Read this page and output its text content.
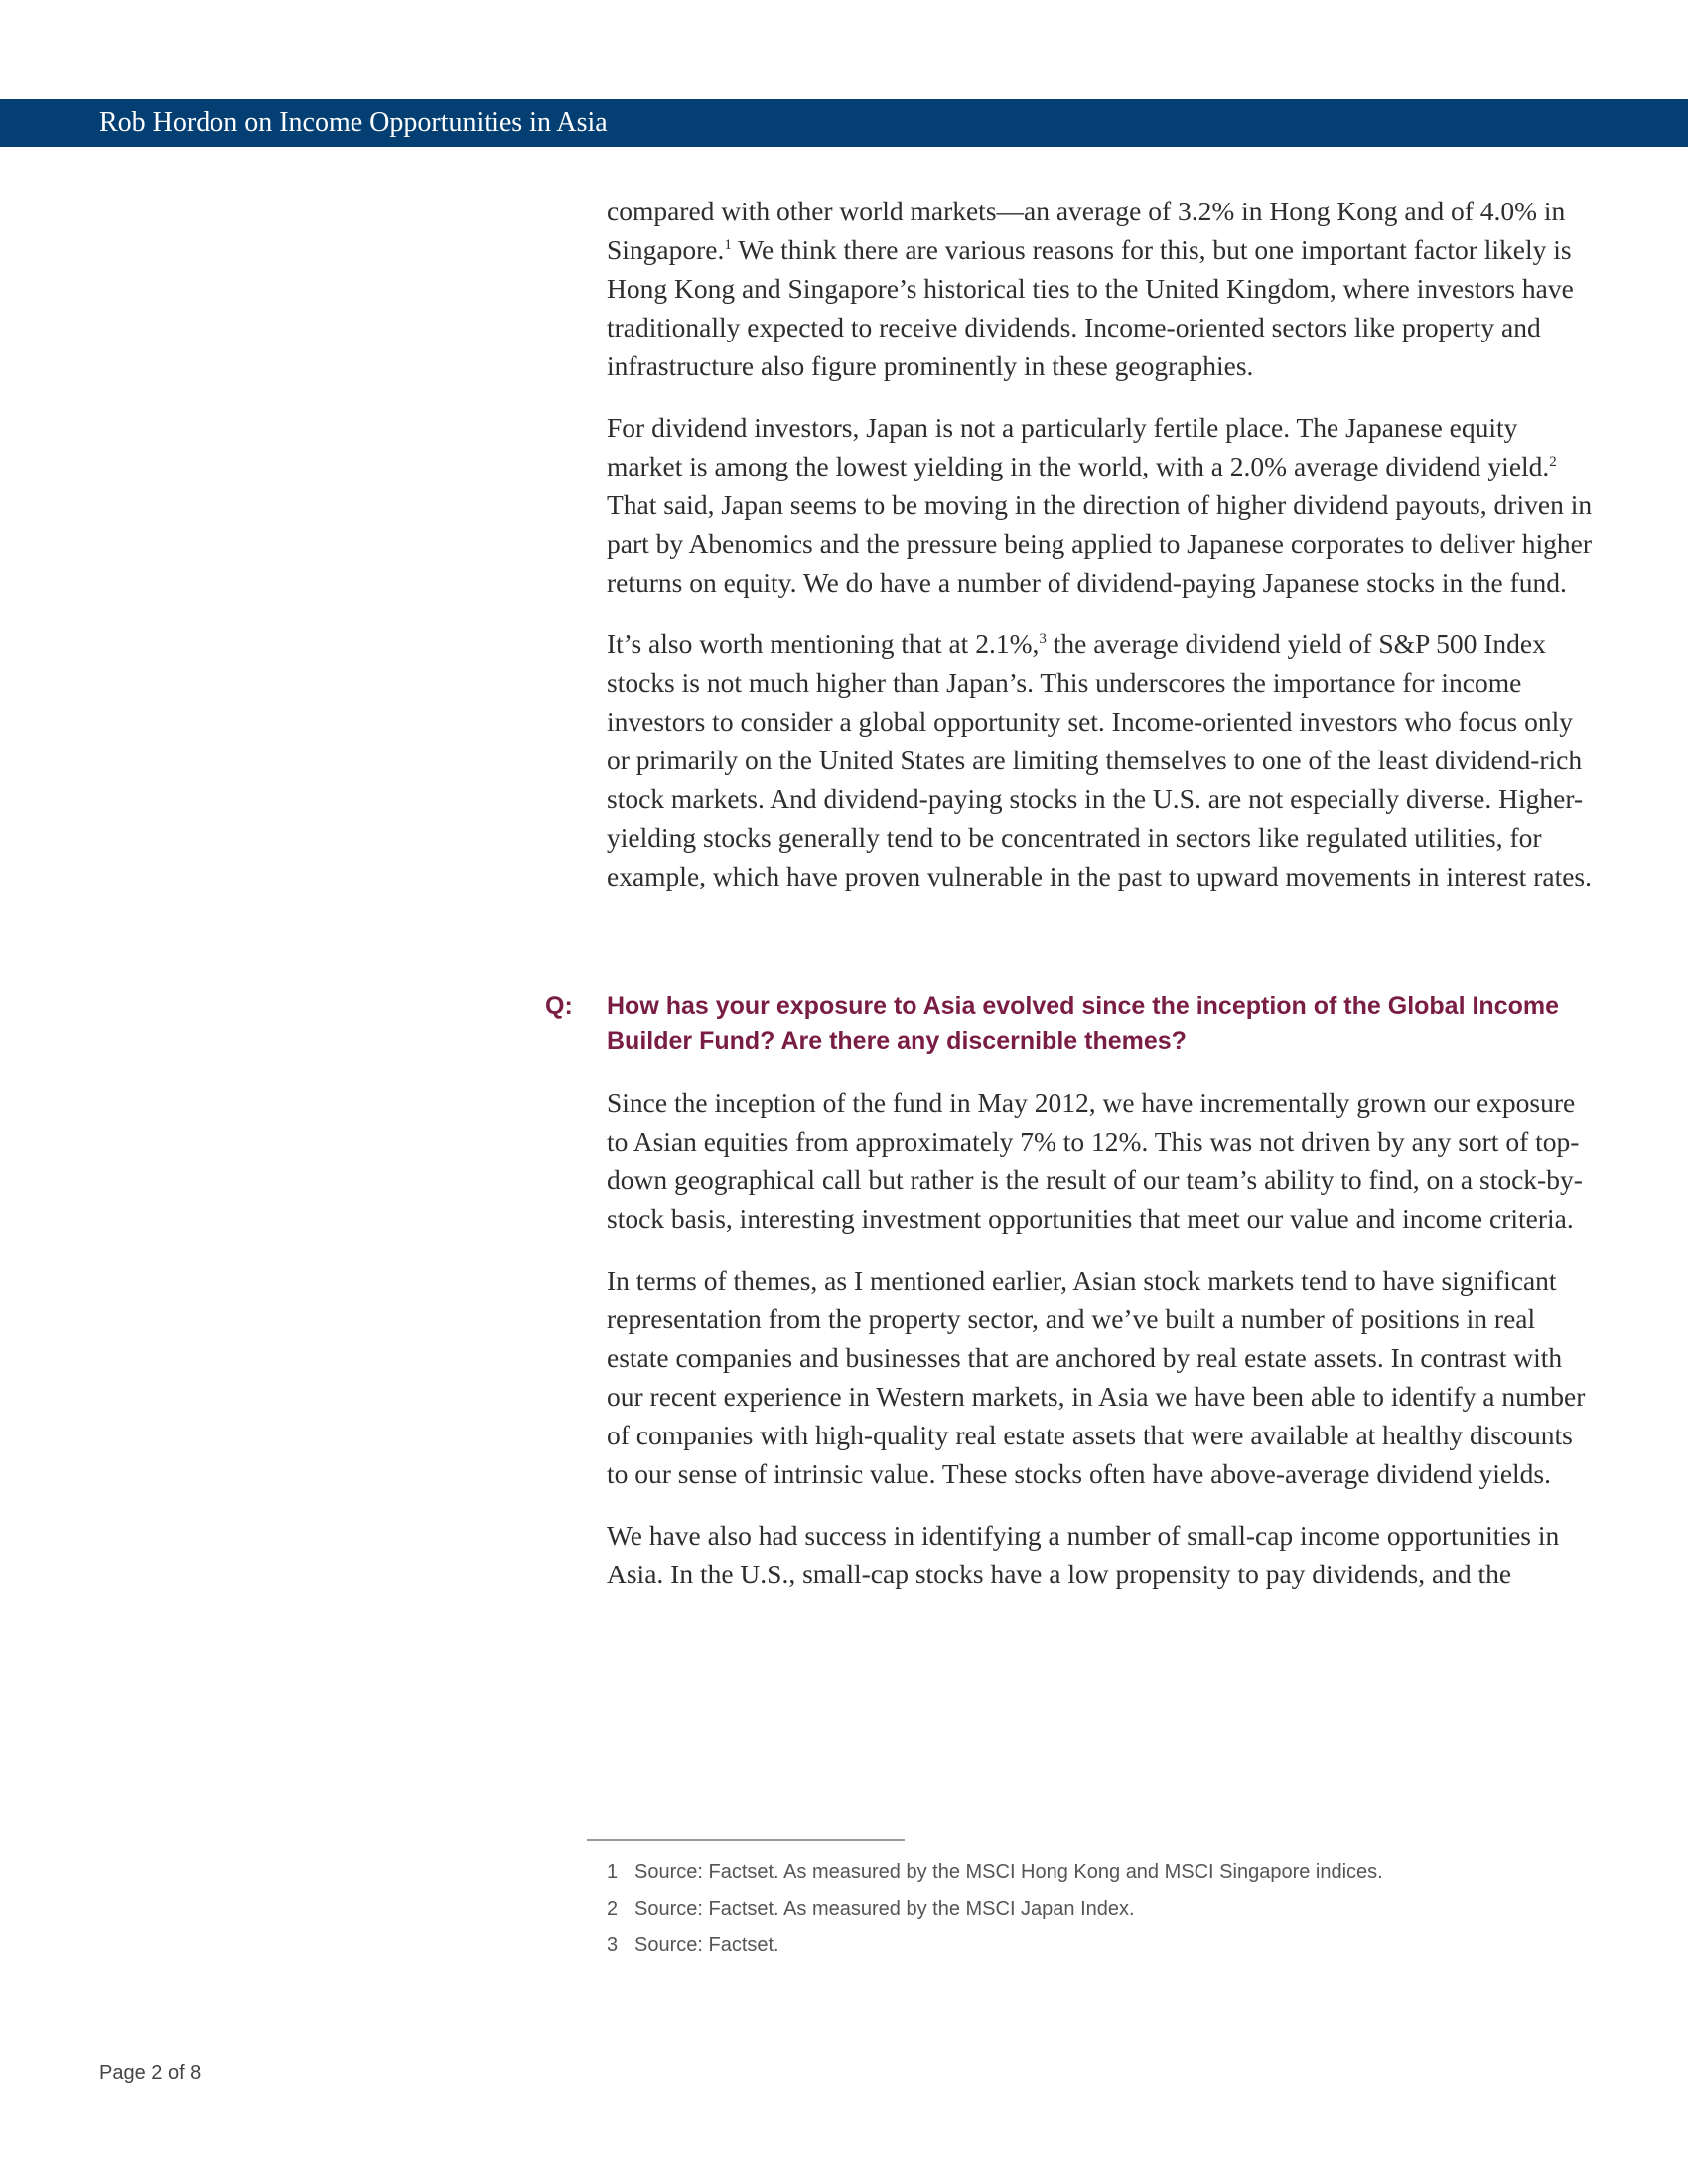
Rob Hordon on Income Opportunities in Asia

compared with other world markets—an average of 3.2% in Hong Kong and of 4.0% in Singapore.$^1$ We think there are various reasons for this, but one important factor likely is Hong Kong and Singapore’s historical ties to the United Kingdom, where investors have traditionally expected to receive dividends. Income-oriented sectors like property and infrastructure also figure prominently in these geographies.

For dividend investors, Japan is not a particularly fertile place. The Japanese equity market is among the lowest yielding in the world, with a 2.0% average dividend yield.$^2$ That said, Japan seems to be moving in the direction of higher dividend payouts, driven in part by Abenomics and the pressure being applied to Japanese corporates to deliver higher returns on equity. We do have a number of dividend-paying Japanese stocks in the fund.

It’s also worth mentioning that at 2.1%,$^3$ the average dividend yield of S&P 500 Index stocks is not much higher than Japan’s. This underscores the importance for income investors to consider a global opportunity set. Income-oriented investors who focus only or primarily on the United States are limiting themselves to one of the least dividend-rich stock markets. And dividend-paying stocks in the U.S. are not especially diverse. Higher-yielding stocks generally tend to be concentrated in sectors like regulated utilities, for example, which have proven vulnerable in the past to upward movements in interest rates.

Q: How has your exposure to Asia evolved since the inception of the Global Income Builder Fund? Are there any discernible themes?

Since the inception of the fund in May 2012, we have incrementally grown our exposure to Asian equities from approximately 7% to 12%. This was not driven by any sort of top-down geographical call but rather is the result of our team’s ability to find, on a stock-by-stock basis, interesting investment opportunities that meet our value and income criteria.

In terms of themes, as I mentioned earlier, Asian stock markets tend to have significant representation from the property sector, and we’ve built a number of positions in real estate companies and businesses that are anchored by real estate assets. In contrast with our recent experience in Western markets, in Asia we have been able to identify a number of companies with high-quality real estate assets that were available at healthy discounts to our sense of intrinsic value. These stocks often have above-average dividend yields.

We have also had success in identifying a number of small-cap income opportunities in Asia. In the U.S., small-cap stocks have a low propensity to pay dividends, and the

1 Source: Factset. As measured by the MSCI Hong Kong and MSCI Singapore indices.
2 Source: Factset. As measured by the MSCI Japan Index.
3 Source: Factset.
Page 2 of 8
